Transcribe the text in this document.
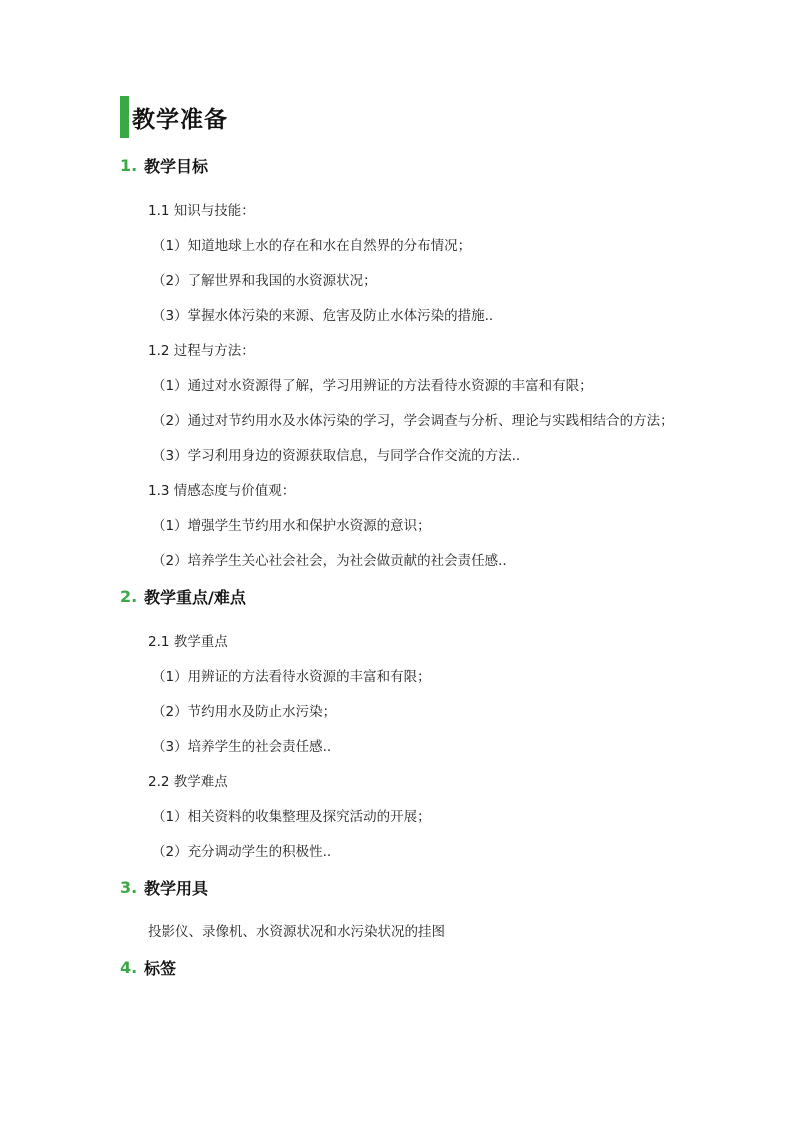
教学准备
1. 教学目标
1.1 知识与技能：
（1）知道地球上水的存在和水在自然界的分布情况；
（2）了解世界和我国的水资源状况；
（3）掌握水体污染的来源、危害及防止水体污染的措施..
1.2 过程与方法：
（1）通过对水资源得了解，学习用辨证的方法看待水资源的丰富和有限；
（2）通过对节约用水及水体污染的学习，学会调查与分析、理论与实践相结合的方法；
（3）学习利用身边的资源获取信息，与同学合作交流的方法..
1.3 情感态度与价值观：
（1）增强学生节约用水和保护水资源的意识；
（2）培养学生关心社会社会，为社会做贡献的社会责任感..
2. 教学重点/难点
2.1 教学重点
（1）用辨证的方法看待水资源的丰富和有限；
（2）节约用水及防止水污染；
（3）培养学生的社会责任感..
2.2 教学难点
（1）相关资料的收集整理及探究活动的开展；
（2）充分调动学生的积极性..
3. 教学用具
投影仪、录像机、水资源状况和水污染状况的挂图
4. 标签
